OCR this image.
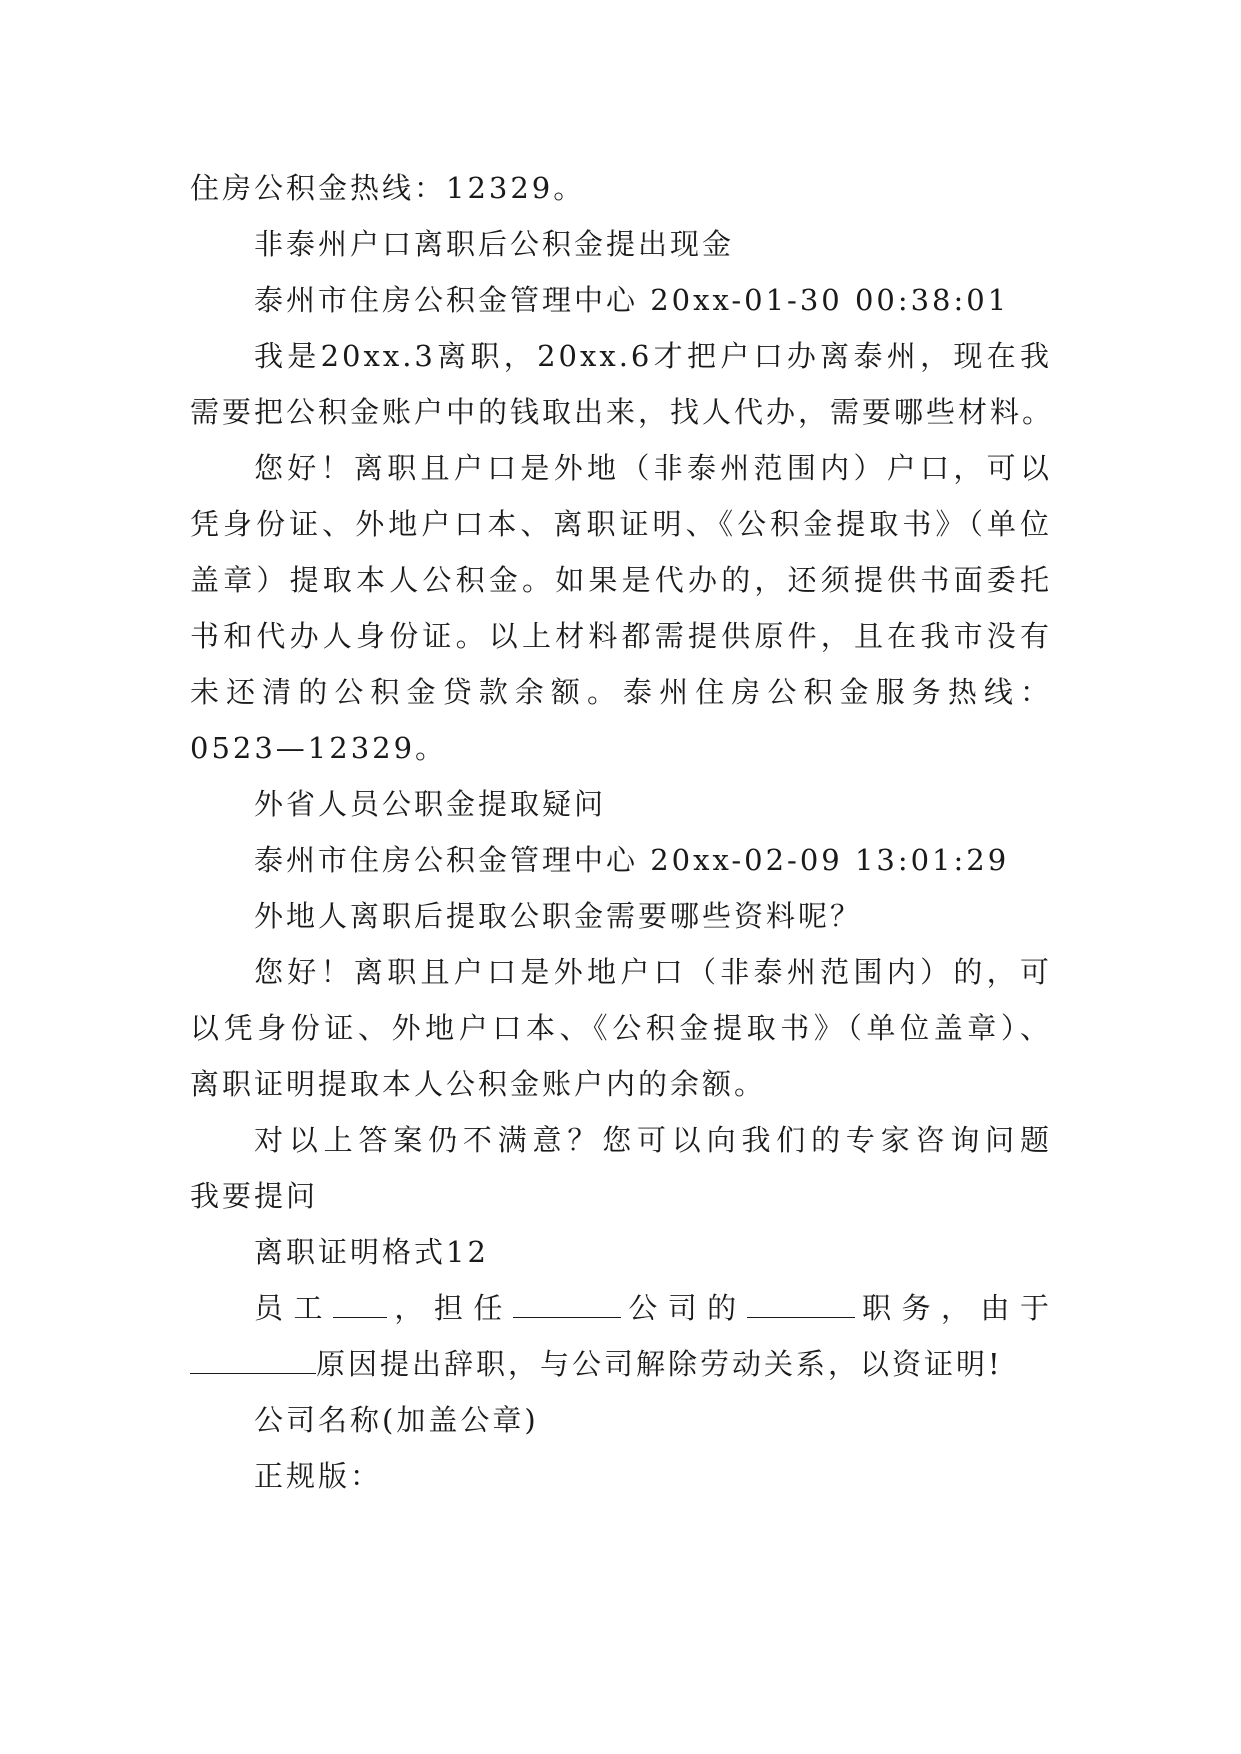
住房公积金热线：12329。
非泰州户口离职后公积金提出现金
泰州市住房公积金管理中心 20xx-01-30 00:38:01
我是20xx.3离职，20xx.6才把户口办离泰州，现在我
需要把公积金账户中的钱取出来，找人代办，需要哪些材料。
您好！离职且户口是外地（非泰州范围内）户口，可以
凭身份证、外地户口本、离职证明、《公积金提取书》（单位
盖章）提取本人公积金。如果是代办的，还须提供书面委托
书和代办人身份证。以上材料都需提供原件，且在我市没有
未还清的公积金贷款余额。泰州住房公积金服务热线：
0523—12329。
外省人员公职金提取疑问
泰州市住房公积金管理中心 20xx-02-09 13:01:29
外地人离职后提取公职金需要哪些资料呢？
您好！离职且户口是外地户口（非泰州范围内）的，可
以凭身份证、外地户口本、《公积金提取书》（单位盖章）、
离职证明提取本人公积金账户内的余额。
对以上答案仍不满意？您可以向我们的专家咨询问题
我要提问
离职证明格式12
员工 ，担任	公司的	职务，由于
原因提出辞职，与公司解除劳动关系，以资证明!
公司名称(加盖公章)
正规版：
